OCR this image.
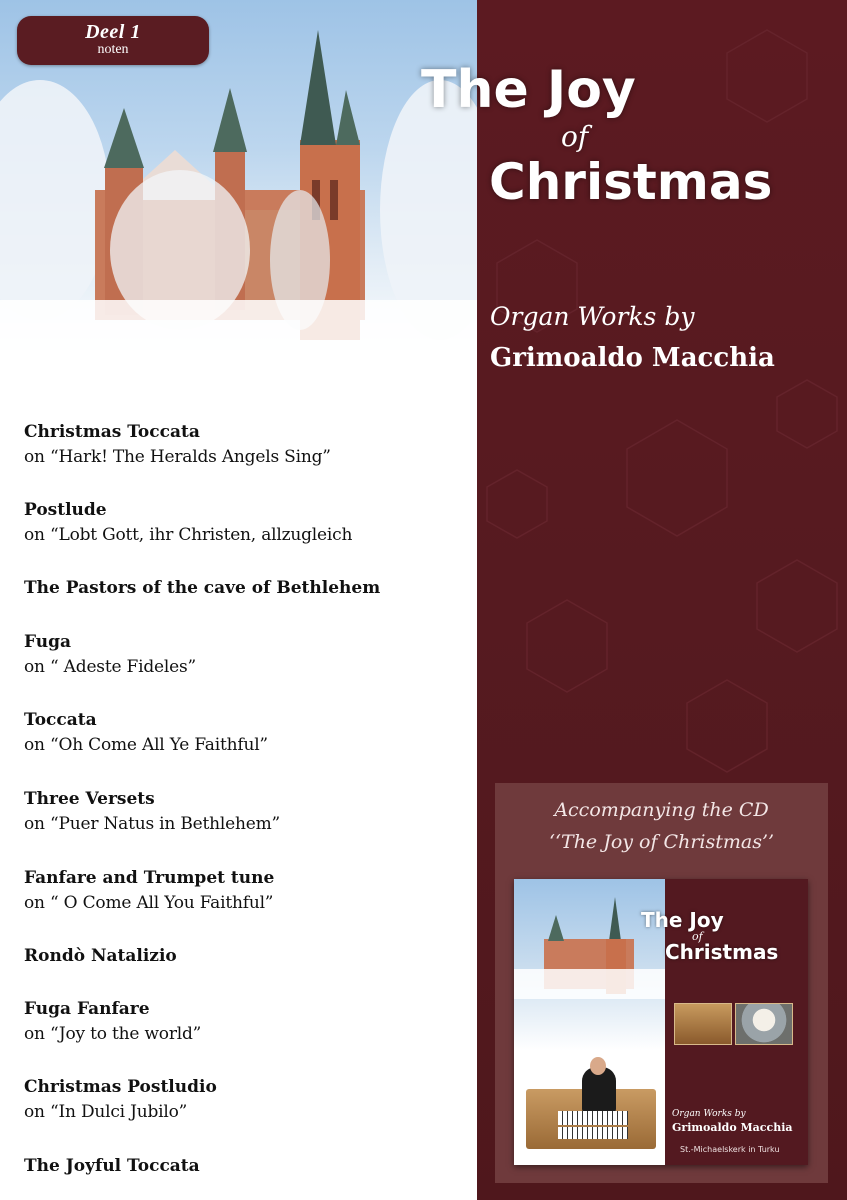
Deel 1
noten
The Joy
of
Christmas
Organ Works by
Grimoaldo Macchia
Accompanying the CD
‘‘The Joy of Christmas’’
The Joy
of
Christmas
Organ Works by
Grimoaldo Macchia
St.-Michaelskerk in Turku
Christmas Toccata
on “Hark! The Heralds Angels Sing”
Postlude
on “Lobt Gott, ihr Christen, allzugleich
The Pastors of the cave of Bethlehem
Fuga
on “ Adeste Fideles”
Toccata
on “Oh Come All Ye Faithful”
Three Versets
on “Puer Natus in Bethlehem”
Fanfare and Trumpet tune
on “ O Come All You Faithful”
Rondò Natalizio
Fuga Fanfare
on “Joy to the world”
Christmas Postludio
on “In Dulci Jubilo”
The Joyful Toccata
